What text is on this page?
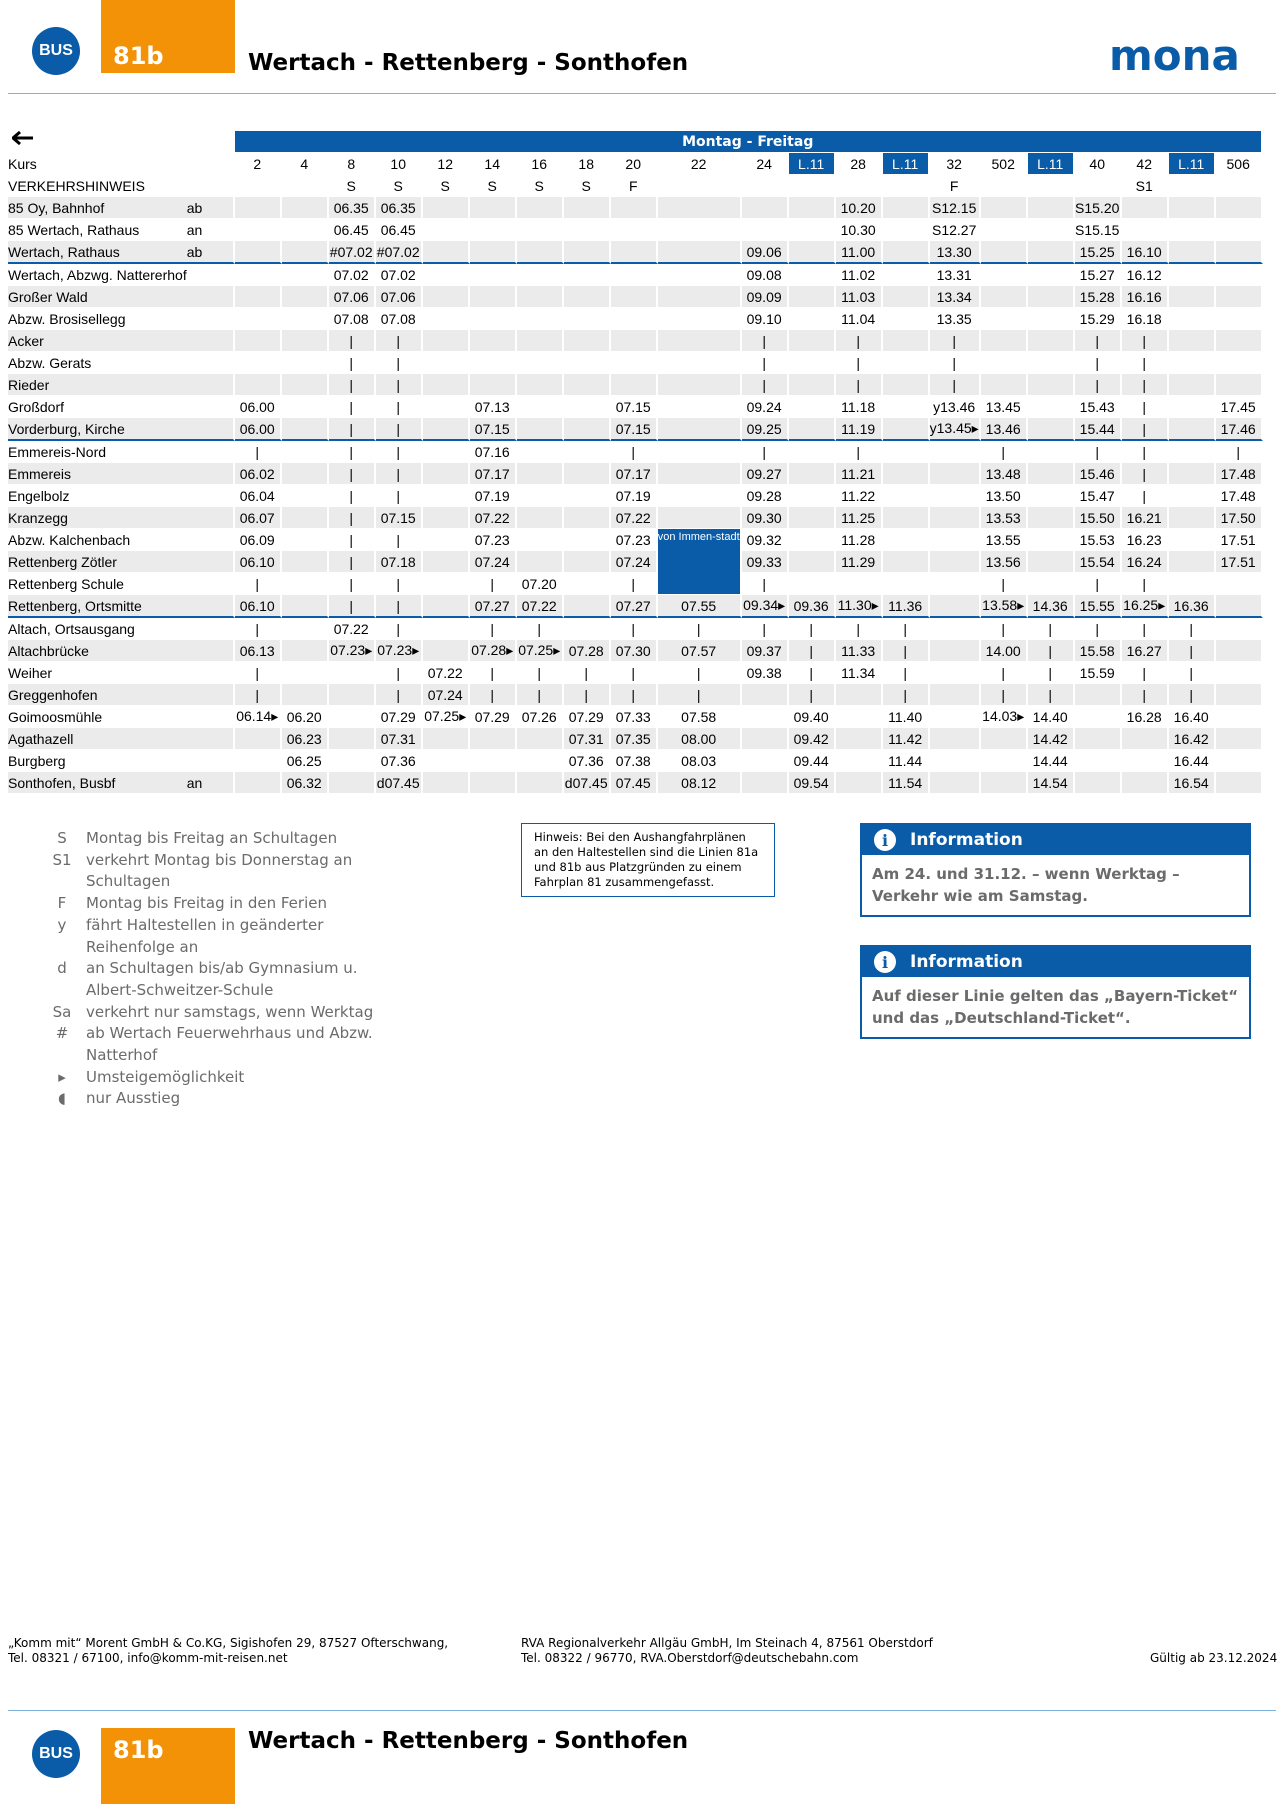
BUS	81b	Wertach - Rettenberg - Sonthofen	mona
		Montag - Freitag																				
Kurs		2	4	8	10	12	14	16	18	20	22	24	L.11	28	L.11	32	502	L.11	40	42	L.11	506
VERKEHRSHINWEIS				S	S	S	S	S	S	F						F				S1		
85 Oy, Bahnhof	ab			06.35	06.35									10.20		S12.15			S15.20			
85 Wertach, Rathaus	an			06.45	06.45									10.30		S12.27			S15.15			
Wertach, Rathaus	ab			#07.02	#07.02							09.06		11.00		13.30			15.25	16.10		
Wertach, Abzwg. Nattererhof				07.02	07.02							09.08		11.02		13.31			15.27	16.12		
Großer Wald				07.06	07.06							09.09		11.03		13.34			15.28	16.16		
Abzw. Brosisellegg				07.08	07.08							09.10		11.04		13.35			15.29	16.18		
Acker				|	|							|		|		|			|	|		
Abzw. Gerats				|	|							|		|		|			|	|		
Rieder				|	|							|		|		|			|	|		
Großdorf		06.00		|	|		07.13			07.15		09.24		11.18		y13.46	13.45		15.43	|		17.45
Vorderburg, Kirche		06.00		|	|		07.15			07.15		09.25		11.19		y13.45▸	13.46		15.44	|		17.46
Emmereis-Nord		|		|	|		07.16			|		|		|			|		|	|		|
Emmereis		06.02		|	|		07.17			07.17		09.27		11.21			13.48		15.46	|		17.48
Engelbolz		06.04		|	|		07.19			07.19		09.28		11.22			13.50		15.47	|		17.48
Kranzegg		06.07		|	07.15		07.22			07.22		09.30		11.25			13.53		15.50	16.21		17.50
Abzw. Kalchenbach		06.09		|	|		07.23			07.23	von Immen-stadt	09.32		11.28			13.55		15.53	16.23		17.51
Rettenberg Zötler		06.10		|	07.18		07.24			07.24		09.33		11.29			13.56		15.54	16.24		17.51
Rettenberg Schule		|		|	|		|	07.20		|		|					|		|	|		
Rettenberg, Ortsmitte		06.10		|	|		07.27	07.22		07.27	07.55	09.34▸	09.36	11.30▸	11.36		13.58▸	14.36	15.55	16.25▸	16.36	
Altach, Ortsausgang		|		07.22	|		|	|		|	|	|	|	|	|		|	|	|	|	|	
Altachbrücke		06.13		07.23▸	07.23▸		07.28▸	07.25▸	07.28	07.30	07.57	09.37	|	11.33	|		14.00	|	15.58	16.27	|	
Weiher		|			|	07.22	|	|	|	|	|	09.38	|	11.34	|		|	|	15.59	|	|	
Greggenhofen		|			|	07.24	|	|	|	|	|		|		|		|	|		|	|	
Goimoosmühle		06.14▸	06.20		07.29	07.25▸	07.29	07.26	07.29	07.33	07.58		09.40		11.40		14.03▸	14.40		16.28	16.40	
Agathazell			06.23		07.31				07.31	07.35	08.00		09.42		11.42			14.42			16.42	
Burgberg			06.25		07.36				07.36	07.38	08.03		09.44		11.44			14.44			16.44	
Sonthofen, Busbf	an		06.32		d07.45				d07.45	07.45	08.12		09.54		11.54			14.54			16.54	
S	Montag bis Freitag an Schultagen
S1 verkehrt Montag bis Donnerstag an Schultagen
F	Montag bis Freitag in den Ferien
y	fährt Haltestellen in geänderter Reihenfolge an
d	an Schultagen bis/ab Gymnasium u. Albert-Schweitzer-Schule
Sa verkehrt nur samstags, wenn Werktag
#	ab Wertach Feuerwehrhaus und Abzw. Natterhof
▸	Umsteigemöglichkeit
◖	nur Ausstieg
Hinweis: Bei den Aushangfahrplänen an den Haltestellen sind die Linien 81a und 81b aus Platzgründen zu einem Fahrplan 81 zusammengefasst.
i	Information
Am 24. und 31.12. – wenn Werktag – Verkehr wie am Samstag.
i	Information
Auf dieser Linie gelten das „Bayern-Ticket“ und das „Deutschland-Ticket“.
„Komm mit“ Morent GmbH & Co.KG, Sigishofen 29, 87527 Ofterschwang,
Tel. 08321 / 67100, info@komm-mit-reisen.net
RVA Regionalverkehr Allgäu GmbH, Im Steinach 4, 87561 Oberstdorf
Tel. 08322 / 96770, RVA.Oberstdorf@deutschebahn.com	Gültig ab 23.12.2024
BUS	81b	Wertach - Rettenberg - Sonthofen
